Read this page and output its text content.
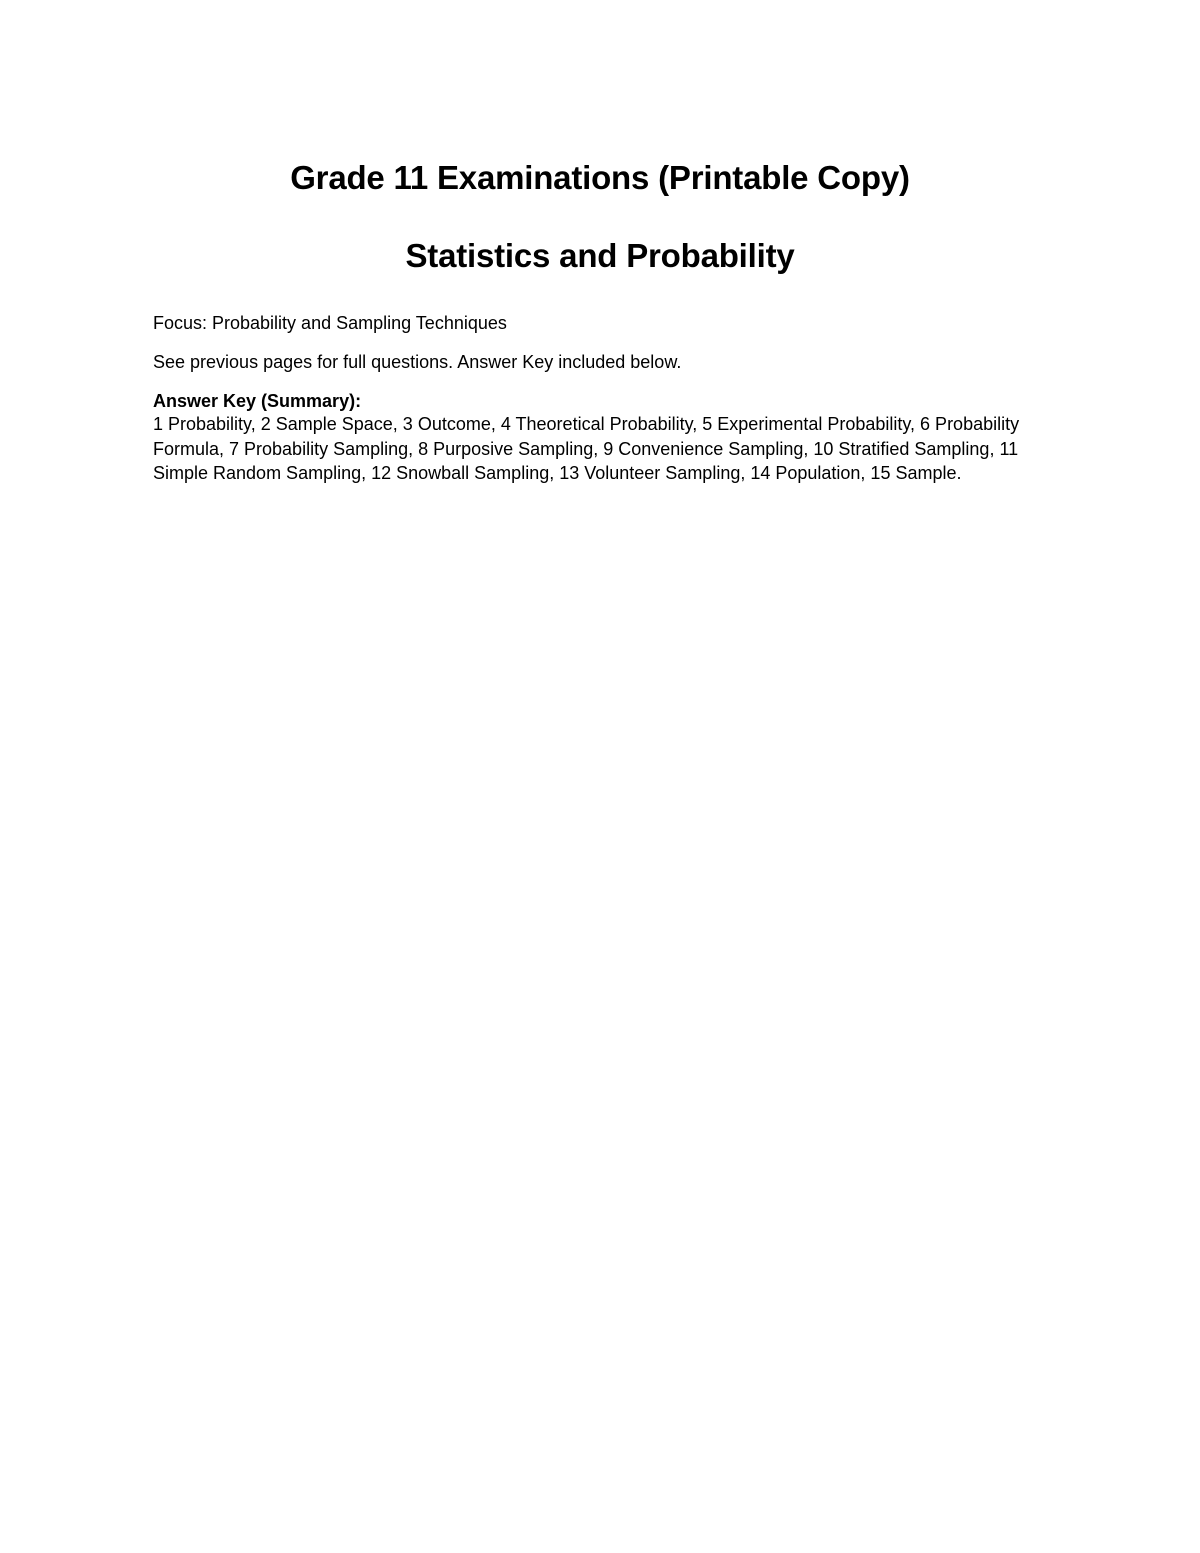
Grade 11 Examinations (Printable Copy)
Statistics and Probability

Focus: Probability and Sampling Techniques

See previous pages for full questions. Answer Key included below.

Answer Key (Summary):
1 Probability, 2 Sample Space, 3 Outcome, 4 Theoretical Probability, 5 Experimental Probability, 6 Probability Formula, 7 Probability Sampling, 8 Purposive Sampling, 9 Convenience Sampling, 10 Stratified Sampling, 11 Simple Random Sampling, 12 Snowball Sampling, 13 Volunteer Sampling, 14 Population, 15 Sample.
